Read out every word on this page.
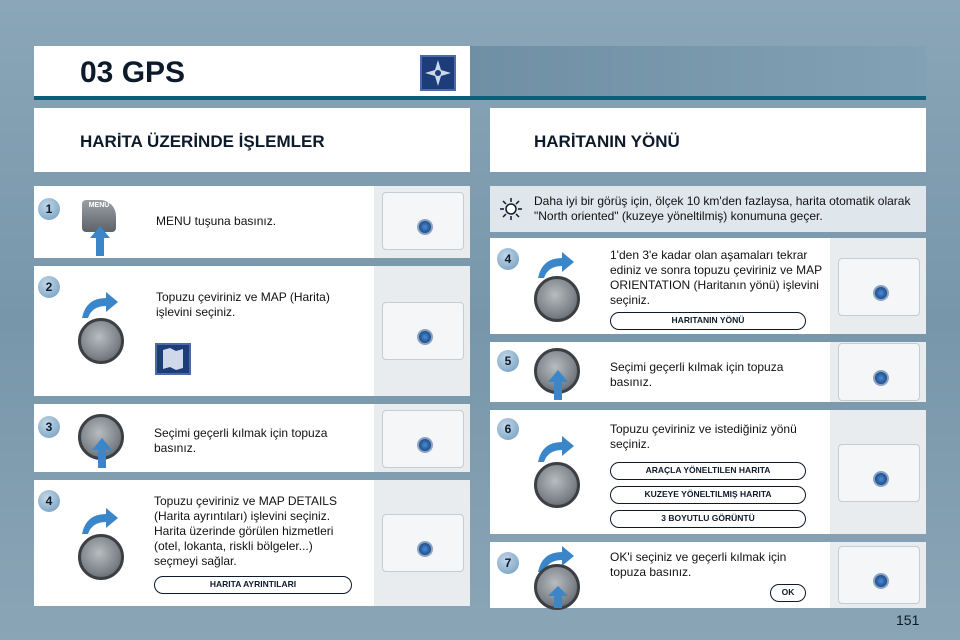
03 GPS
HARİTA ÜZERİNDE İŞLEMLER	HARİTANIN YÖNÜ
MENU
MENU tuşuna basınız.
1
Topuzu çeviriniz ve MAP (Harita) işlevini seçiniz.
2
Seçimi geçerli kılmak için topuza basınız.
3
Topuzu çeviriniz ve MAP DETAILS (Harita ayrıntıları) işlevini seçiniz. Harita üzerinde görülen hizmetleri (otel, lokanta, riskli bölgeler...) seçmeyi sağlar.
HARITA AYRINTILARI
4
Daha iyi bir görüş için, ölçek 10 km'den fazlaysa, harita otomatik olarak "North oriented" (kuzeye yöneltilmiş) konumuna geçer.
1'den 3'e kadar olan aşamaları tekrar ediniz ve sonra topuzu çeviriniz ve MAP ORIENTATION (Haritanın yönü) işlevini seçiniz.
HARITANIN YÖNÜ
4
Seçimi geçerli kılmak için topuza basınız.
5
Topuzu çeviriniz ve istediğiniz yönü seçiniz.
ARAÇLA YÖNELTILEN HARITA
KUZEYE YÖNELTILMIŞ HARITA
3 BOYUTLU GÖRÜNTÜ
6
OK'i seçiniz ve geçerli kılmak için topuza basınız.
OK
7
151
